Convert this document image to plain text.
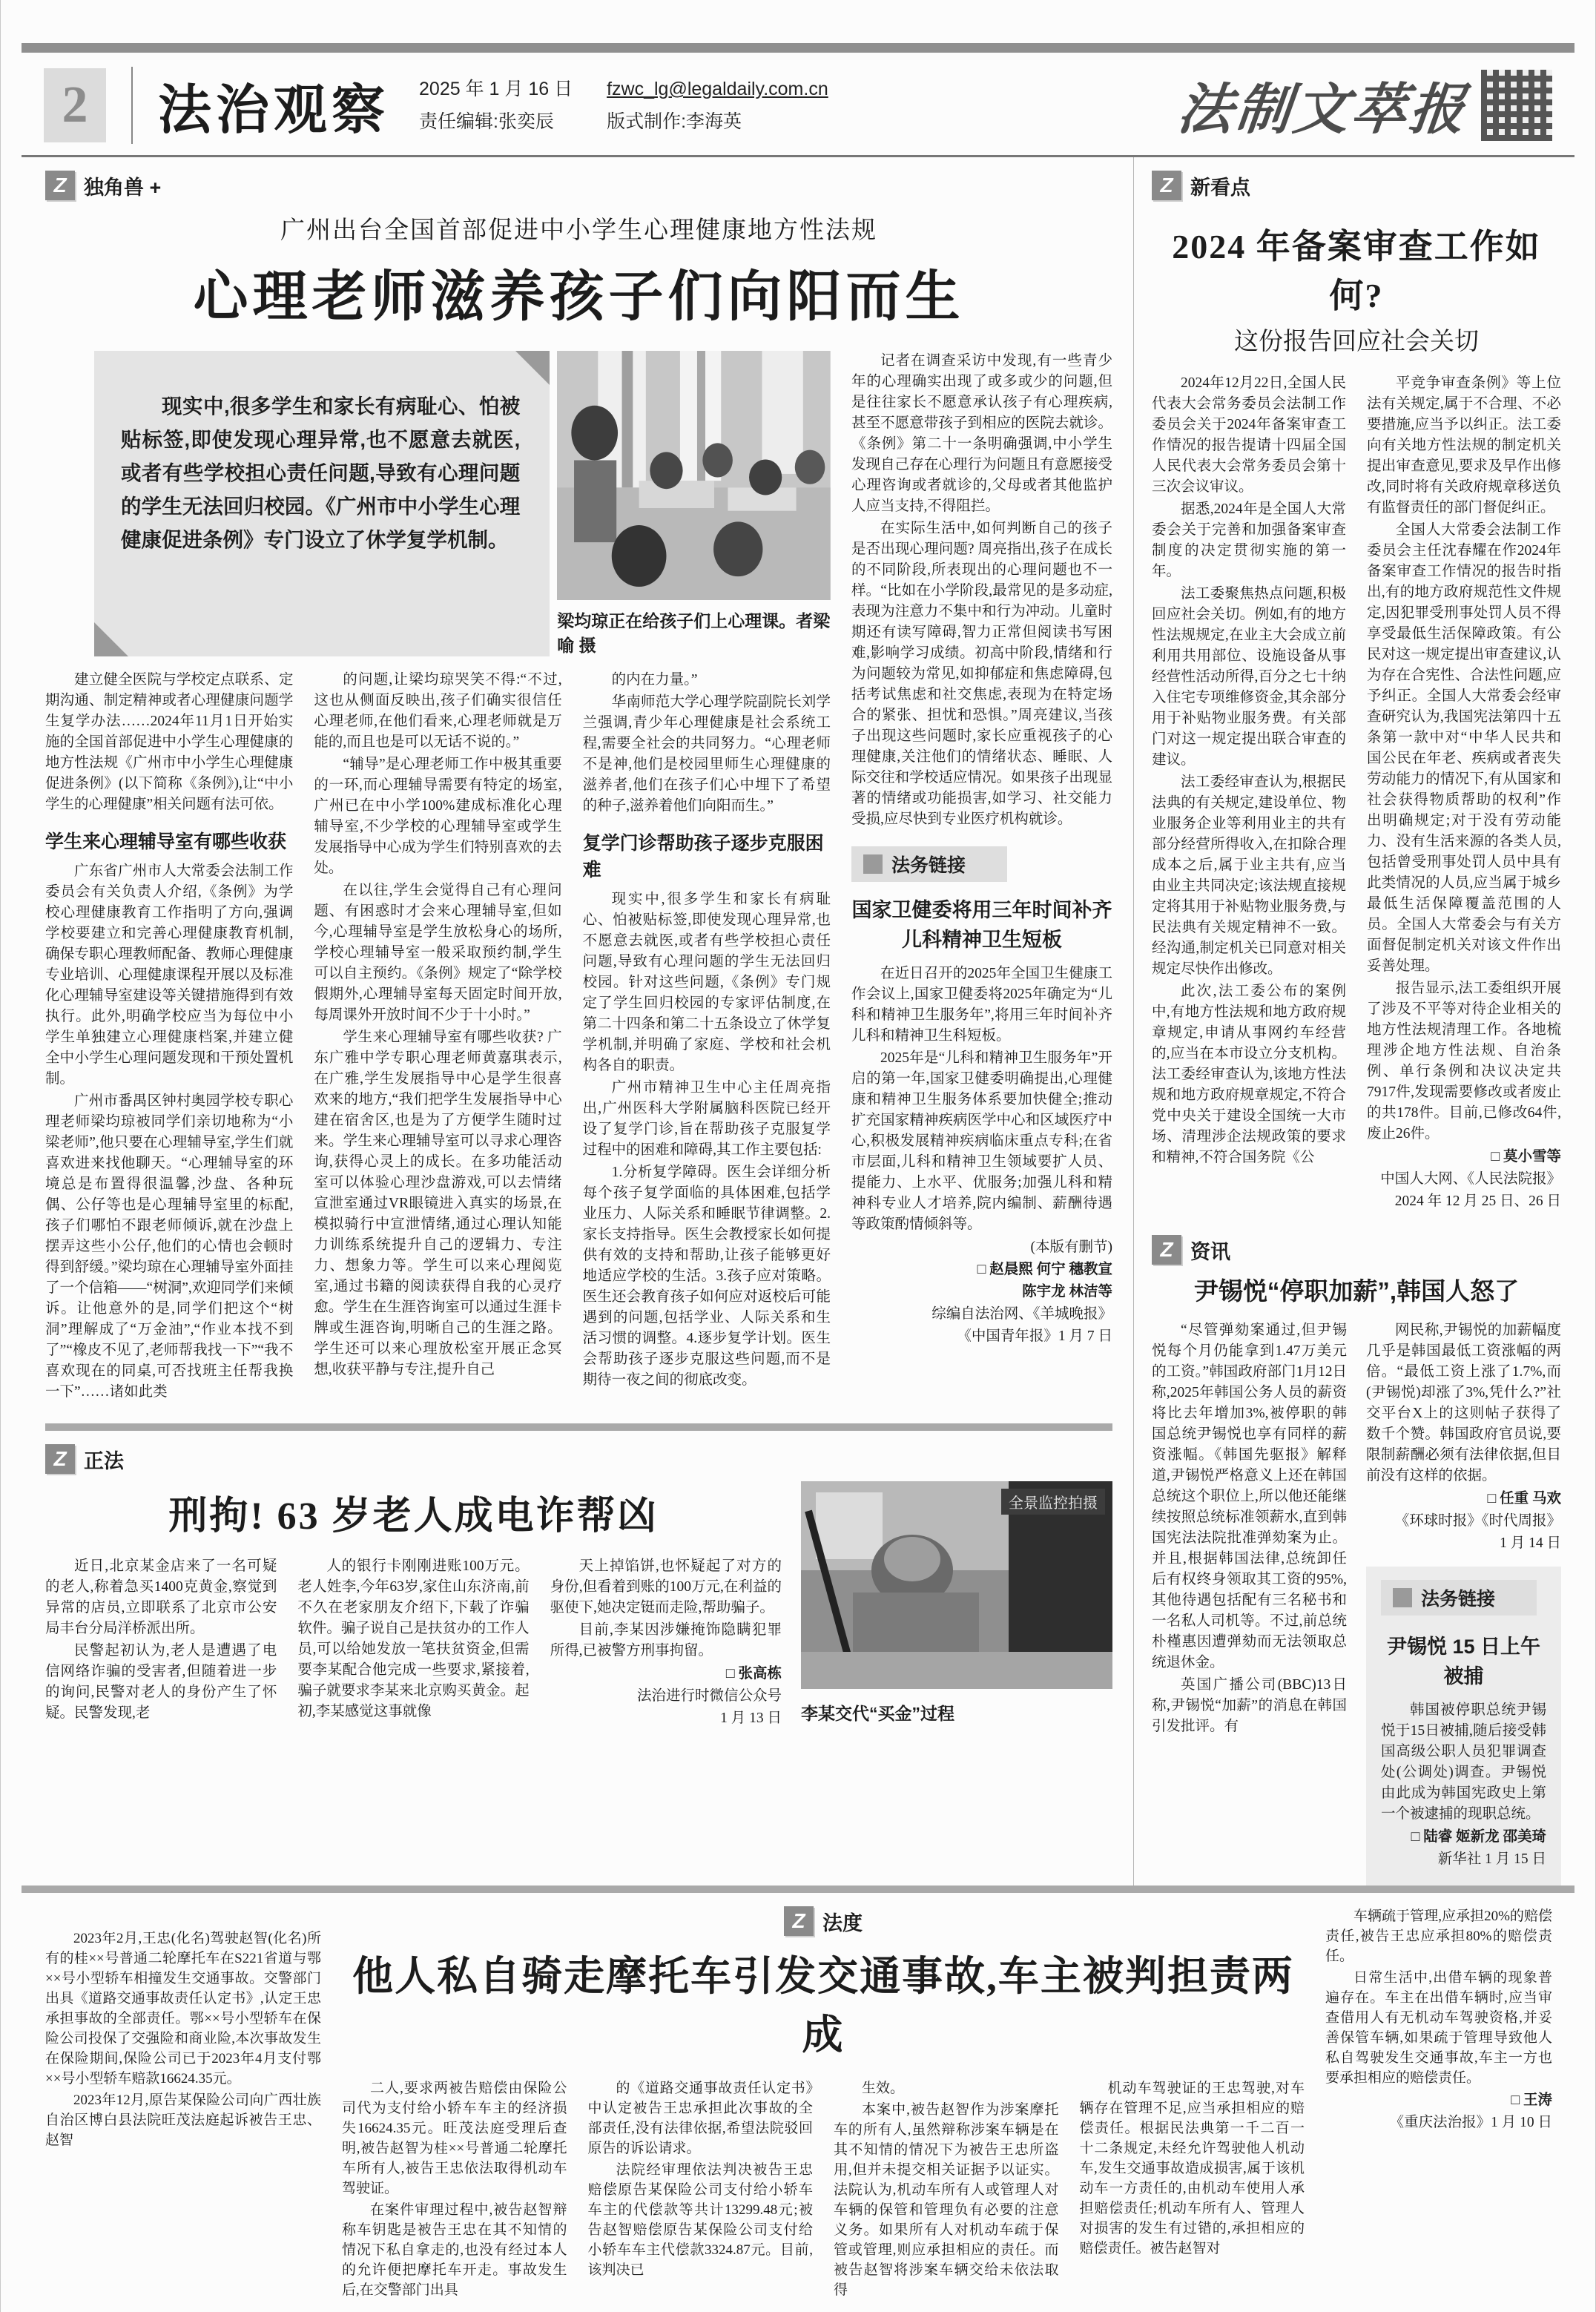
2	法治观察 2025 年 1 月 16 日
责任编辑:张奕辰
fzwc_lg@legaldaily.com.cn
版式制作:李海英	法制文萃报
Z 独角兽 +
广州出台全国首部促进中小学生心理健康地方性法规
心理老师滋养孩子们向阳而生
现实中,很多学生和家长有病耻心、怕被贴标签,即使发现心理异常,也不愿意去就医,或者有些学校担心责任问题,导致有心理问题的学生无法回归校园。《广州市中小学生心理健康促进条例》专门设立了休学复学机制。
梁均琼正在给孩子们上心理课。者梁喻 摄
建立健全医院与学校定点联系、定期沟通、制定精神或者心理健康问题学生复学办法……2024年11月1日开始实施的全国首部促进中小学生心理健康的地方性法规《广州市中小学生心理健康促进条例》(以下简称《条例》),让“中小学生的心理健康”相关问题有法可依。
学生来心理辅导室有哪些收获
广东省广州市人大常委会法制工作委员会有关负责人介绍,《条例》为学校心理健康教育工作指明了方向,强调学校要建立和完善心理健康教育机制,确保专职心理教师配备、教师心理健康专业培训、心理健康课程开展以及标准化心理辅导室建设等关键措施得到有效执行。此外,明确学校应当为每位中小学生单独建立心理健康档案,并建立健全中小学生心理问题发现和干预处置机制。
广州市番禺区钟村奥园学校专职心理老师梁均琼被同学们亲切地称为“小梁老师”,他只要在心理辅导室,学生们就喜欢进来找他聊天。“心理辅导室的环境总是布置得很温馨,沙盘、各种玩偶、公仔等也是心理辅导室里的标配,孩子们哪怕不跟老师倾诉,就在沙盘上摆弄这些小公仔,他们的心情也会顿时得到舒缓。”梁均琼在心理辅导室外面挂了一个信箱——“树洞”,欢迎同学们来倾诉。让他意外的是,同学们把这个“树洞”理解成了“万金油”,“作业本找不到了”“橡皮不见了,老师帮我找一下”“我不喜欢现在的同桌,可否找班主任帮我换一下”……诸如此类
的问题,让梁均琼哭笑不得:“不过,这也从侧面反映出,孩子们确实很信任心理老师,在他们看来,心理老师就是万能的,而且也是可以无话不说的。”
“辅导”是心理老师工作中极其重要的一环,而心理辅导需要有特定的场室,广州已在中小学100%建成标准化心理辅导室,不少学校的心理辅导室或学生发展指导中心成为学生们特别喜欢的去处。
在以往,学生会觉得自己有心理问题、有困惑时才会来心理辅导室,但如今,心理辅导室是学生放松身心的场所,学校心理辅导室一般采取预约制,学生可以自主预约。《条例》规定了“除学校假期外,心理辅导室每天固定时间开放,每周课外开放时间不少于十小时。”
学生来心理辅导室有哪些收获? 广东广雅中学专职心理老师黄嘉琪表示,在广雅,学生发展指导中心是学生很喜欢来的地方,“我们把学生发展指导中心建在宿舍区,也是为了方便学生随时过来。学生来心理辅导室可以寻求心理咨询,获得心灵上的成长。在多功能活动室可以体验心理沙盘游戏,可以去情绪宣泄室通过VR眼镜进入真实的场景,在模拟骑行中宣泄情绪,通过心理认知能力训练系统提升自己的逻辑力、专注力、想象力等。学生可以来心理阅览室,通过书籍的阅读获得自我的心灵疗愈。学生在生涯咨询室可以通过生涯卡牌或生涯咨询,明晰自己的生涯之路。学生还可以来心理放松室开展正念冥想,收获平静与专注,提升自己
的内在力量。”
华南师范大学心理学院副院长刘学兰强调,青少年心理健康是社会系统工程,需要全社会的共同努力。“心理老师不是神,他们是校园里师生心理健康的滋养者,他们在孩子们心中埋下了希望的种子,滋养着他们向阳而生。”
复学门诊帮助孩子逐步克服困难
现实中,很多学生和家长有病耻心、怕被贴标签,即使发现心理异常,也不愿意去就医,或者有些学校担心责任问题,导致有心理问题的学生无法回归校园。针对这些问题,《条例》专门规定了学生回归校园的专家评估制度,在第二十四条和第二十五条设立了休学复学机制,并明确了家庭、学校和社会机构各自的职责。
广州市精神卫生中心主任周亮指出,广州医科大学附属脑科医院已经开设了复学门诊,旨在帮助孩子克服复学过程中的困难和障碍,其工作主要包括:
1.分析复学障碍。医生会详细分析每个孩子复学面临的具体困难,包括学业压力、人际关系和睡眠节律调整。2.家长支持指导。医生会教授家长如何提供有效的支持和帮助,让孩子能够更好地适应学校的生活。3.孩子应对策略。医生还会教育孩子如何应对返校后可能遇到的问题,包括学业、人际关系和生活习惯的调整。4.逐步复学计划。医生会帮助孩子逐步克服这些问题,而不是期待一夜之间的彻底改变。
记者在调查采访中发现,有一些青少年的心理确实出现了或多或少的问题,但是往往家长不愿意承认孩子有心理疾病,甚至不愿意带孩子到相应的医院去就诊。《条例》第二十一条明确强调,中小学生发现自己存在心理行为问题且有意愿接受心理咨询或者就诊的,父母或者其他监护人应当支持,不得阻拦。
在实际生活中,如何判断自己的孩子是否出现心理问题? 周亮指出,孩子在成长的不同阶段,所表现出的心理问题也不一样。“比如在小学阶段,最常见的是多动症,表现为注意力不集中和行为冲动。儿童时期还有读写障碍,智力正常但阅读书写困难,影响学习成绩。初高中阶段,情绪和行为问题较为常见,如抑郁症和焦虑障碍,包括考试焦虑和社交焦虑,表现为在特定场合的紧张、担忧和恐惧。”周亮建议,当孩子出现这些问题时,家长应重视孩子的心理健康,关注他们的情绪状态、睡眠、人际交往和学校适应情况。如果孩子出现显著的情绪或功能损害,如学习、社交能力受损,应尽快到专业医疗机构就诊。
法务链接
国家卫健委将用三年时间补齐儿科精神卫生短板
在近日召开的2025年全国卫生健康工作会议上,国家卫健委将2025年确定为“儿科和精神卫生服务年”,将用三年时间补齐儿科和精神卫生科短板。
2025年是“儿科和精神卫生服务年”开启的第一年,国家卫健委明确提出,心理健康和精神卫生服务体系要加快健全;推动扩充国家精神疾病医学中心和区域医疗中心,积极发展精神疾病临床重点专科;在省市层面,儿科和精神卫生领域要扩人员、提能力、上水平、优服务;加强儿科和精神科专业人才培养,院内编制、薪酬待遇等政策酌情倾斜等。
(本版有删节)
□ 赵晨熙 何宁 穗教宣
陈宇龙 林洁等
综编自法治网、《羊城晚报》
《中国青年报》1 月 7 日
Z 正法
刑拘! 63 岁老人成电诈帮凶
近日,北京某金店来了一名可疑的老人,称着急买1400克黄金,察觉到异常的店员,立即联系了北京市公安局丰台分局洋桥派出所。
民警起初认为,老人是遭遇了电信网络诈骗的受害者,但随着进一步的询问,民警对老人的身份产生了怀疑。民警发现,老
人的银行卡刚刚进账100万元。老人姓李,今年63岁,家住山东济南,前不久在老家朋友介绍下,下载了诈骗软件。骗子说自己是扶贫办的工作人员,可以给她发放一笔扶贫资金,但需要李某配合他完成一些要求,紧接着,骗子就要求李某来北京购买黄金。起初,李某感觉这事就像
天上掉馅饼,也怀疑起了对方的身份,但看着到账的100万元,在利益的驱使下,她决定铤而走险,帮助骗子。
目前,李某因涉嫌掩饰隐瞒犯罪所得,已被警方刑事拘留。
□ 张高栋
法治进行时微信公众号
1 月 13 日
全景监控拍摄
李某交代“买金”过程
Z 新看点
2024 年备案审查工作如何?
这份报告回应社会关切
2024年12月22日,全国人民代表大会常务委员会法制工作委员会关于2024年备案审查工作情况的报告提请十四届全国人民代表大会常务委员会第十三次会议审议。
据悉,2024年是全国人大常委会关于完善和加强备案审查制度的决定贯彻实施的第一年。
法工委聚焦热点问题,积极回应社会关切。例如,有的地方性法规规定,在业主大会成立前利用共用部位、设施设备从事经营性活动所得,百分之七十纳入住宅专项维修资金,其余部分用于补贴物业服务费。有关部门对这一规定提出联合审查的建议。
法工委经审查认为,根据民法典的有关规定,建设单位、物业服务企业等利用业主的共有部分经营所得收入,在扣除合理成本之后,属于业主共有,应当由业主共同决定;该法规直接规定将其用于补贴物业服务费,与民法典有关规定精神不一致。经沟通,制定机关已同意对相关规定尽快作出修改。
此次,法工委公布的案例中,有地方性法规和地方政府规章规定,申请从事网约车经营的,应当在本市设立分支机构。法工委经审查认为,该地方性法规和地方政府规章规定,不符合党中央关于建设全国统一大市场、清理涉企法规政策的要求和精神,不符合国务院《公
平竞争审查条例》等上位法有关规定,属于不合理、不必要措施,应当予以纠正。法工委向有关地方性法规的制定机关提出审查意见,要求及早作出修改,同时将有关政府规章移送负有监督责任的部门督促纠正。
全国人大常委会法制工作委员会主任沈春耀在作2024年备案审查工作情况的报告时指出,有的地方政府规范性文件规定,因犯罪受刑事处罚人员不得享受最低生活保障政策。有公民对这一规定提出审查建议,认为存在合宪性、合法性问题,应予纠正。全国人大常委会经审查研究认为,我国宪法第四十五条第一款中对“中华人民共和国公民在年老、疾病或者丧失劳动能力的情况下,有从国家和社会获得物质帮助的权利”作出明确规定;对于没有劳动能力、没有生活来源的各类人员,包括曾受刑事处罚人员中具有此类情况的人员,应当属于城乡最低生活保障覆盖范围的人员。全国人大常委会与有关方面督促制定机关对该文件作出妥善处理。
报告显示,法工委组织开展了涉及不平等对待企业相关的地方性法规清理工作。各地梳理涉企地方性法规、自治条例、单行条例和决议决定共7917件,发现需要修改或者废止的共178件。目前,已修改64件,废止26件。
□ 莫小雪等
中国人大网、《人民法院报》
2024 年 12 月 25 日、26 日
Z 资讯
尹锡悦“停职加薪”,韩国人怒了
“尽管弹劾案通过,但尹锡悦每个月仍能拿到1.47万美元的工资。”韩国政府部门1月12日称,2025年韩国公务人员的薪资将比去年增加3%,被停职的韩国总统尹锡悦也享有同样的薪资涨幅。《韩国先驱报》解释道,尹锡悦严格意义上还在韩国总统这个职位上,所以他还能继续按照总统标准领薪水,直到韩国宪法法院批准弹劾案为止。并且,根据韩国法律,总统卸任后有权终身领取其工资的95%,其他待遇包括配有三名秘书和一名私人司机等。不过,前总统朴槿惠因遭弹劾而无法领取总统退休金。
英国广播公司(BBC)13日称,尹锡悦“加薪”的消息在韩国引发批评。有
网民称,尹锡悦的加薪幅度几乎是韩国最低工资涨幅的两倍。“最低工资上涨了1.7%,而(尹锡悦)却涨了3%,凭什么?”社交平台X上的这则帖子获得了数千个赞。韩国政府官员说,要限制薪酬必须有法律依据,但目前没有这样的依据。
□ 任重 马欢
《环球时报》《时代周报》
1 月 14 日
法务链接
尹锡悦 15 日上午被捕
韩国被停职总统尹锡悦于15日被捕,随后接受韩国高级公职人员犯罪调查处(公调处)调查。尹锡悦由此成为韩国宪政史上第一个被逮捕的现职总统。
□ 陆睿 姬新龙 邵美琦
新华社 1 月 15 日
2023年2月,王忠(化名)驾驶赵智(化名)所有的桂××号普通二轮摩托车在S221省道与鄂××号小型轿车相撞发生交通事故。交警部门出具《道路交通事故责任认定书》,认定王忠承担事故的全部责任。鄂××号小型轿车在保险公司投保了交强险和商业险,本次事故发生在保险期间,保险公司已于2023年4月支付鄂××号小型轿车赔款16624.35元。
2023年12月,原告某保险公司向广西壮族自治区博白县法院旺茂法庭起诉被告王忠、赵智
Z 法度
他人私自骑走摩托车引发交通事故,车主被判担责两成
二人,要求两被告赔偿由保险公司代为支付给小轿车车主的经济损失16624.35元。旺茂法庭受理后查明,被告赵智为桂××号普通二轮摩托车所有人,被告王忠依法取得机动车驾驶证。
在案件审理过程中,被告赵智辩称车钥匙是被告王忠在其不知情的情况下私自拿走的,也没有经过本人的允许便把摩托车开走。事故发生后,在交警部门出具
的《道路交通事故责任认定书》中认定被告王忠承担此次事故的全部责任,没有法律依据,希望法院驳回原告的诉讼请求。
法院经审理依法判决被告王忠赔偿原告某保险公司支付给小轿车车主的代偿款等共计13299.48元;被告赵智赔偿原告某保险公司支付给小轿车车主代偿款3324.87元。目前,该判决已
生效。
本案中,被告赵智作为涉案摩托车的所有人,虽然辩称涉案车辆是在其不知情的情况下为被告王忠所盗用,但并未提交相关证据予以证实。法院认为,机动车所有人或管理人对车辆的保管和管理负有必要的注意义务。如果所有人对机动车疏于保管或管理,则应承担相应的责任。而被告赵智将涉案车辆交给未依法取得
机动车驾驶证的王忠驾驶,对车辆存在管理不足,应当承担相应的赔偿责任。根据民法典第一千二百一十二条规定,未经允许驾驶他人机动车,发生交通事故造成损害,属于该机动车一方责任的,由机动车使用人承担赔偿责任;机动车所有人、管理人对损害的发生有过错的,承担相应的赔偿责任。被告赵智对
车辆疏于管理,应承担20%的赔偿责任,被告王忠应承担80%的赔偿责任。
日常生活中,出借车辆的现象普遍存在。车主在出借车辆时,应当审查借用人有无机动车驾驶资格,并妥善保管车辆,如果疏于管理导致他人私自驾驶发生交通事故,车主一方也要承担相应的赔偿责任。
□ 王涛
《重庆法治报》1 月 10 日
